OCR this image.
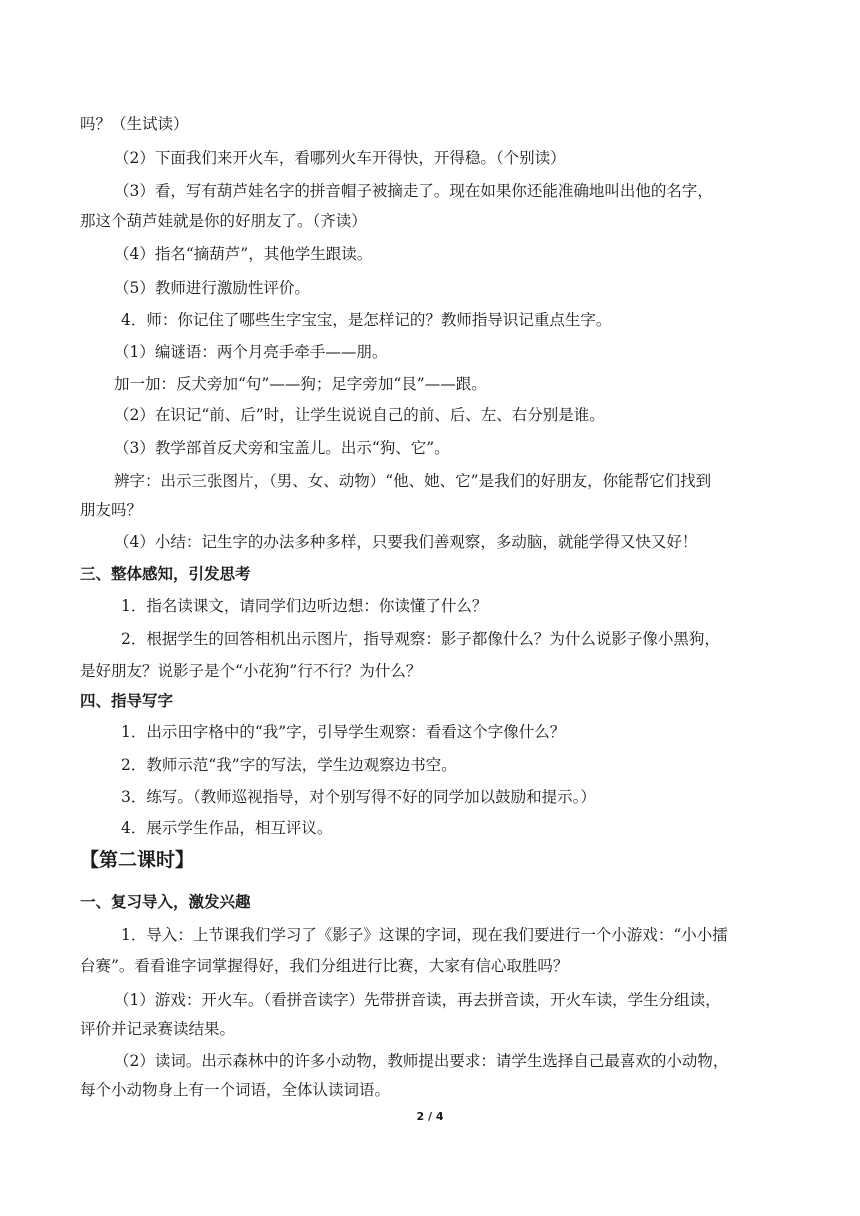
吗？（生试读）
（2）下面我们来开火车，看哪列火车开得快，开得稳。（个别读）
（3）看，写有葫芦娃名字的拼音帽子被摘走了。现在如果你还能准确地叫出他的名字，
那这个葫芦娃就是你的好朋友了。（齐读）
（4）指名“摘葫芦”，其他学生跟读。
（5）教师进行激励性评价。
4．师：你记住了哪些生字宝宝，是怎样记的？教师指导识记重点生字。
（1）编谜语：两个月亮手牵手——朋。
加一加：反犬旁加“句”——狗；足字旁加“艮”——跟。
（2）在识记“前、后”时，让学生说说自己的前、后、左、右分别是谁。
（3）教学部首反犬旁和宝盖儿。出示“狗、它”。
辨字：出示三张图片，（男、女、动物）“他、她、它”是我们的好朋友，你能帮它们找到
朋友吗？
（4）小结：记生字的办法多种多样，只要我们善观察，多动脑，就能学得又快又好！
三、整体感知，引发思考
1．指名读课文，请同学们边听边想：你读懂了什么？
2．根据学生的回答相机出示图片，指导观察：影子都像什么？为什么说影子像小黑狗，
是好朋友？说影子是个“小花狗”行不行？为什么？
四、指导写字
1．出示田字格中的“我”字，引导学生观察：看看这个字像什么？
2．教师示范“我”字的写法，学生边观察边书空。
3．练写。（教师巡视指导，对个别写得不好的同学加以鼓励和提示。）
4．展示学生作品，相互评议。
【第二课时】
一、复习导入，激发兴趣
1．导入：上节课我们学习了《影子》这课的字词，现在我们要进行一个小游戏：“小小擂
台赛”。看看谁字词掌握得好，我们分组进行比赛，大家有信心取胜吗？
（1）游戏：开火车。（看拼音读字）先带拼音读，再去拼音读，开火车读，学生分组读，
评价并记录赛读结果。
（2）读词。出示森林中的许多小动物，教师提出要求：请学生选择自己最喜欢的小动物，
每个小动物身上有一个词语，全体认读词语。
2 / 4
